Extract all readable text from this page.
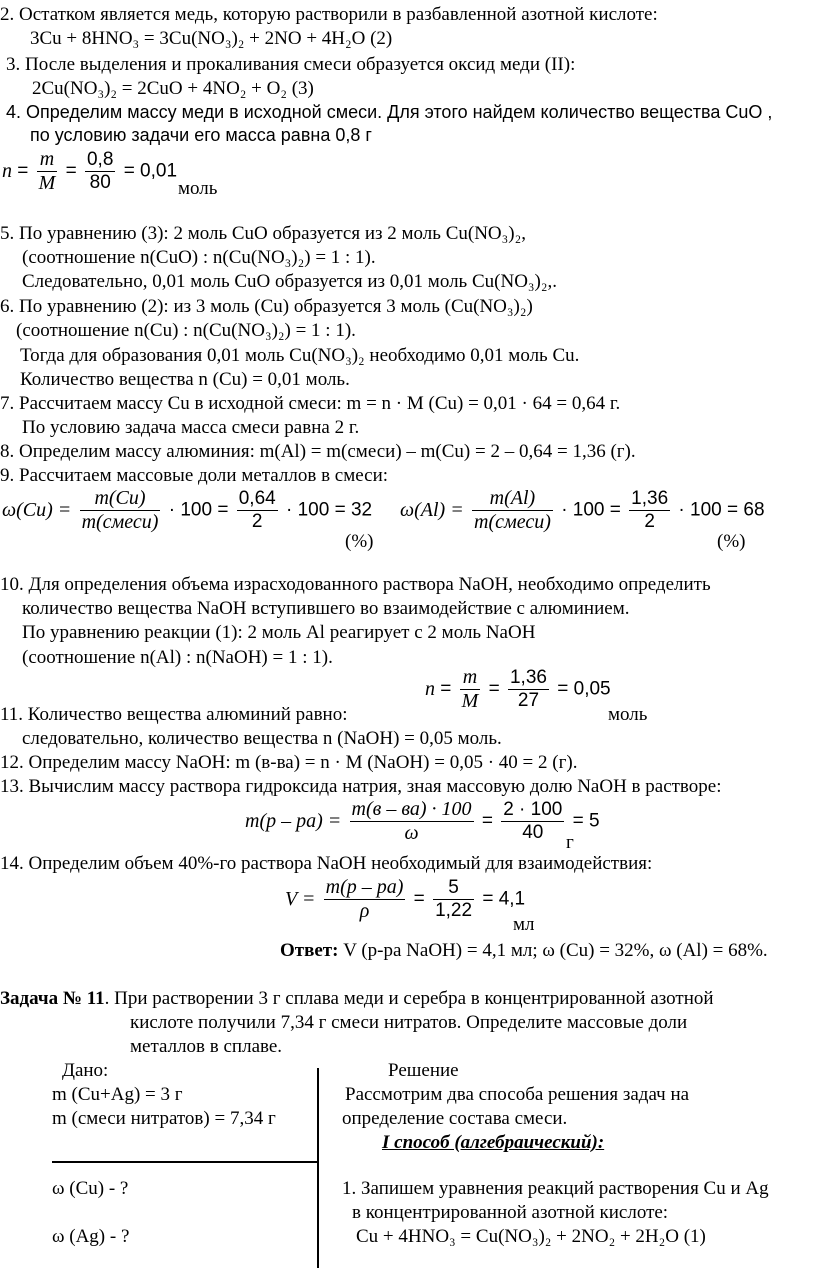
2. Остатком является медь, которую растворили в разбавленной азотной кислоте:
3Cu + 8HNO₃ = 3Cu(NO₃)₂ + 2NO + 4H₂O (2)
3. После выделения и прокаливания смеси образуется оксид меди (II):
2Cu(NO₃)₂ = 2CuO + 4NO₂ + O₂ (3)
4. Определим массу меди в исходной смеси. Для этого найдем количество вещества CuO ,
по условию задачи его масса равна 0,8 г
$n = \frac{m}{M} = \frac{0,8}{80} = 0,01$
моль
5. По уравнению (3): 2 моль CuO образуется из 2 моль Cu(NO₃)₂,
(соотношение n(CuO) : n(Cu(NO₃)₂) = 1 : 1).
Следовательно, 0,01 моль CuO образуется из 0,01 моль Cu(NO₃)₂,.
6. По уравнению (2): из 3 моль (Cu) образуется 3 моль (Cu(NO₃)₂)
(соотношение n(Cu) : n(Cu(NO₃)₂) = 1 : 1).
Тогда для образования 0,01 моль Cu(NO₃)₂ необходимо 0,01 моль Cu.
Количество вещества n (Cu) = 0,01 моль.
7. Рассчитаем массу Cu в исходной смеси: m = n · M (Cu) = 0,01 · 64 = 0,64 г.
По условию задача масса смеси равна 2 г.
8. Определим массу алюминия: m(Al) = m(смеси) – m(Cu) = 2 – 0,64 = 1,36 (г).
9. Рассчитаем массовые доли металлов в смеси:
ω(Cu) =
m(Cu)
m(смеси)
· $100 = \frac{0,64}{2} \cdot 100 = 32$
(%)
ω(Al) =
m(Al)
m(смеси)
· $100 = \frac{1,36}{2} \cdot 100 = 68$
(%)
10. Для определения объема израсходованного раствора NaOH, необходимо определить
количество вещества NaOH вступившего во взаимодействие с алюминием.
По уравнению реакции (1): 2 моль Al реагирует с 2 моль NaOH
(соотношение n(Al) : n(NaOH) = 1 : 1).
$n = \frac{m}{M} = \frac{1,36}{27} = 0,05$
11. Количество вещества алюминий равно:	моль
следовательно, количество вещества n (NaOH) = 0,05 моль.
12. Определим массу NaOH: m (в-ва) = n · M (NaOH) = 0,05 · 40 = 2 (г).
13. Вычислим массу раствора гидроксида натрия, зная массовую долю NaOH в растворе:
m(р – ра) =
m(в – ва) · 100
ω
= $\frac{2 \cdot 100}{40} = 5$
г
14. Определим объем 40%-го раствора NaOH необходимый для взаимодействия:
V =
m(р – ра)
ρ
= $\frac{5}{1,22} = 4,1$
мл
Ответ: V (р-ра NaOH) = 4,1 мл; ω (Cu) = 32%, ω (Al) = 68%.
Задача № 11. При растворении 3 г сплава меди и серебра в концентрированной азотной
кислоте получили 7,34 г смеси нитратов. Определите массовые доли
металлов в сплаве.
Дано:
m (Cu+Ag) = 3 г
m (смеси нитратов) = 7,34 г
ω (Cu) - ?
ω (Ag) - ?
Решение
Рассмотрим два способа решения задач на
определение состава смеси.
I способ (алгебраический):
1. Запишем уравнения реакций растворения Cu и Ag
в концентрированной азотной кислоте:
Cu + 4HNO₃ = Cu(NO₃)₂ + 2NO₂ + 2H₂O (1)
